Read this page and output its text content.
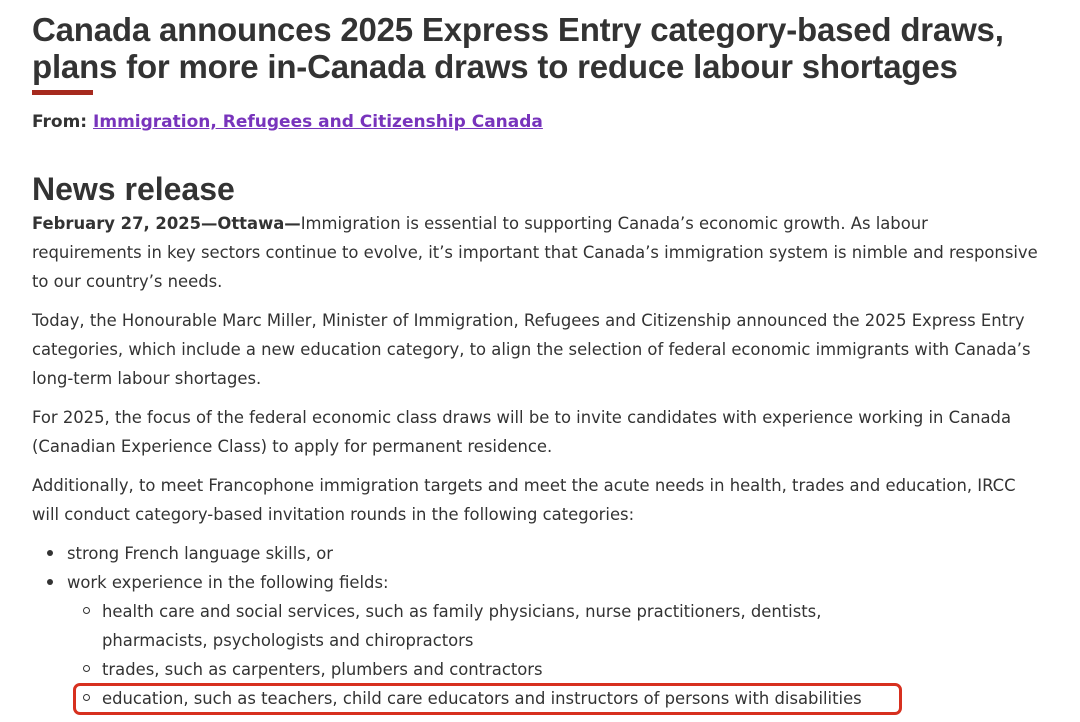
Canada announces 2025 Express Entry category-based draws, plans for more in-Canada draws to reduce labour shortages
From: Immigration, Refugees and Citizenship Canada
News release

February 27, 2025—Ottawa—Immigration is essential to supporting Canada’s economic growth. As labour requirements in key sectors continue to evolve, it’s important that Canada’s immigration system is nimble and responsive to our country’s needs.

Today, the Honourable Marc Miller, Minister of Immigration, Refugees and Citizenship announced the 2025 Express Entry categories, which include a new education category, to align the selection of federal economic immigrants with Canada’s long-term labour shortages.

For 2025, the focus of the federal economic class draws will be to invite candidates with experience working in Canada (Canadian Experience Class) to apply for permanent residence.

Additionally, to meet Francophone immigration targets and meet the acute needs in health, trades and education, IRCC will conduct category-based invitation rounds in the following categories:

strong French language skills, or
work experience in the following fields:
health care and social services, such as family physicians, nurse practitioners, dentists, pharmacists, psychologists and chiropractors
trades, such as carpenters, plumbers and contractors
education, such as teachers, child care educators and instructors of persons with disabilities
